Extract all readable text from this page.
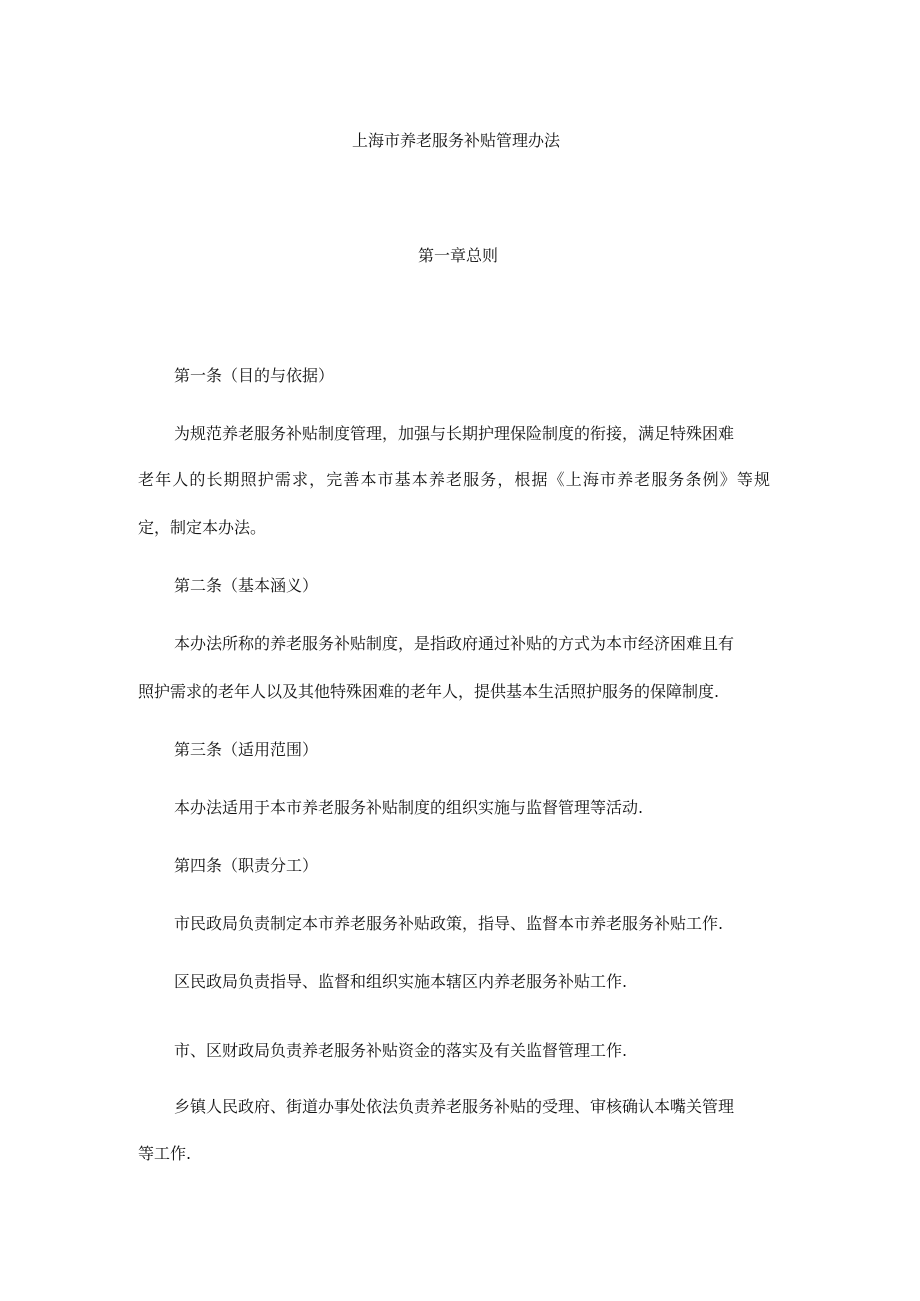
上海市养老服务补贴管理办法
第一章总则

第一条（目的与依据）

为规范养老服务补贴制度管理，加强与长期护理保险制度的衔接，满足特殊困难

老年人的长期照护需求，完善本市基本养老服务，根据《上海市养老服务条例》等规

定，制定本办法。

第二条（基本涵义）

本办法所称的养老服务补贴制度，是指政府通过补贴的方式为本市经济困难且有

照护需求的老年人以及其他特殊困难的老年人，提供基本生活照护服务的保障制度.

第三条（适用范围）

本办法适用于本市养老服务补贴制度的组织实施与监督管理等活动.

第四条（职责分工）

市民政局负责制定本市养老服务补贴政策，指导、监督本市养老服务补贴工作.

区民政局负责指导、监督和组织实施本辖区内养老服务补贴工作.

市、区财政局负责养老服务补贴资金的落实及有关监督管理工作.

乡镇人民政府、街道办事处依法负责养老服务补贴的受理、审核确认本嘴关管理

等工作.
